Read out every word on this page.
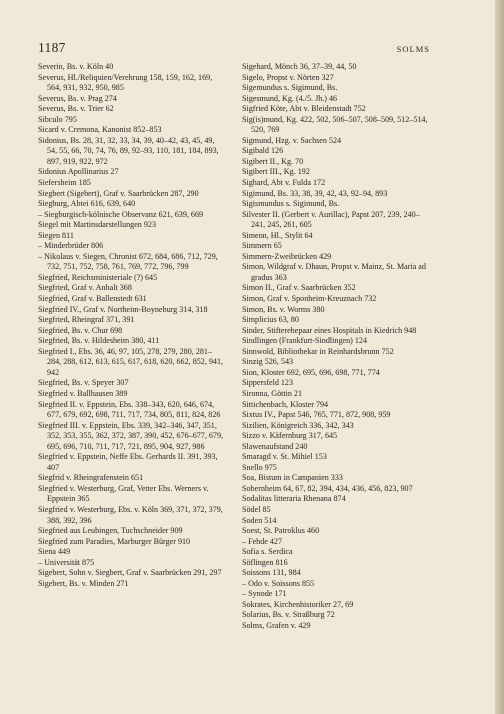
1187	SOLMS
Severin, Bs. v. Köln 40
Severus, Hl./Reliquien/Verehrung 158, 159, 162, 169, 564, 931, 932, 950, 985
Severus, Bs. v. Prag 274
Severus, Bs. v. Trier 62
Sibculo 795
Sicard v. Cremona, Kanonist 852–853
Sidonius, Bs. 28, 31, 32, 33, 34, 39, 40–42, 43, 45, 49, 54, 55, 66, 70, 74, 76, 89, 92–93, 110, 181, 184, 893, 897, 919, 922, 972
Sidonius Apollinarius 27
Siefersheim 185
Siegbert (Sigebert), Graf v. Saarbrücken 287, 290
Siegburg, Abtei 616, 639, 640
– Siegburgisch-kölnische Observanz 621, 639, 669
Siegel mit Martinsdarstellungen 923
Siegen 811
– Minderbrüder 806
– Nikolaus v. Siegen, Chronist 672, 684, 686, 712, 729, 732, 751, 752, 758, 761, 769, 772, 796, 799
Siegfried, Reichsministeriale (?) 645
Siegfried, Graf v. Anhalt 368
Siegfried, Graf v. Ballenstedt 631
Siegfried IV., Graf v. Northeim-Boyneburg 314, 318
Siegfried, Rheingraf 371, 391
Siegfried, Bs. v. Chur 698
Siegfried, Bs. v. Hildesheim 380, 411
Siegfried I., Ebs. 36, 46, 97, 105, 278, 279, 280, 281–284, 288, 612, 613, 615, 617, 618, 620, 662, 852, 941, 942
Siegfried, Bs. v. Speyer 307
Siegfried v. Ballhausen 389
Siegfried II. v. Eppstein, Ebs. 338–343, 620, 646, 674, 677, 679, 692, 698, 711, 717, 734, 805, 811, 824, 826
Siegfried III. v. Eppstein, Ebs. 339, 342–346, 347, 351, 352, 353, 355, 362, 372, 387, 390, 452, 676–677, 679, 695, 696, 710, 711, 717, 721, 895, 904, 927, 986
Siegfried v. Eppstein, Neffe Ebs. Gerhards II. 391, 393, 407
Siegfrid v. Rheingrafenstein 651
Siegfried v. Westerburg, Graf, Vetter Ebs. Werners v. Eppstein 365
Siegfried v. Westerburg, Ebs. v. Köln 369, 371, 372, 379, 388, 392, 396
Siegfried aus Leubingen, Tuchschneider 909
Siegfried zum Paradies, Marburger Bürger 910
Siena 449
– Universität 875
Sigebert, Sohn v. Siegbert, Graf v. Saarbrücken 291, 297
Sigebert, Bs. v. Minden 271
Sigehard, Mönch 36, 37–39, 44, 50
Sigelo, Propst v. Nörten 327
Sigemundus s. Sigimund, Bs.
Sigesmund, Kg. (4./5. Jh.) 46
Sigfried Köte, Abt v. Bleidenstadt 752
Sig(is)mund, Kg. 422, 502, 506–507, 508–509, 512–514, 520, 769
Sigmund, Hzg. v. Sachsen 524
Sigibald 126
Sigibert II., Kg. 70
Sigibert III., Kg. 192
Sighard, Abt v. Fulda 172
Sigimund, Bs. 33, 38, 39, 42, 43, 92–94, 893
Sigismundus s. Sigimund, Bs.
Silvester II. (Gerbert v. Aurillac), Papst 207, 239, 240–241, 245, 261, 605
Simeon, Hl., Stylit 64
Simmern 65
Simmern-Zweibrücken 429
Simon, Wildgraf v. Dhaun, Propst v. Mainz, St. Maria ad gradus 363
Simon II., Graf v. Saarbrücken 352
Simon, Graf v. Sponheim-Kreuznach 732
Simon, Bs. v. Worms 380
Simplicius 63, 80
Sinder, Stifterehepaar eines Hospitals in Kiedrich 948
Sindlingen (Frankfurt-Sindlingen) 124
Sinnwold, Bibliothekar in Reinhardsbrunn 752
Sinzig 526, 543
Sion, Kloster 692, 695, 696, 698, 771, 774
Sippersfeld 123
Sironna, Göttin 21
Sittichenbach, Kloster 794
Sixtus IV., Papst 546, 765, 771, 872, 908, 959
Sizilien, Königreich 336, 342, 343
Sizzo v. Käfernburg 317, 645
Slawenaufstand 240
Smaragd v. St. Mihiel 153
Snello 975
Soa, Bistum in Campanien 333
Sobernheim 64, 67, 82, 394, 434, 436, 456, 823, 907
Sodalitas litteraria Rhenana 874
Södel 85
Soden 514
Soest, St. Patroklus 460
– Fehde 427
Sofia s. Serdica
Söflingen 816
Soissons 131, 984
– Odo v. Soissons 855
– Synode 171
Sokrates, Kirchenhistoriker 27, 69
Solarius, Bs. v. Straßburg 72
Solms, Grafen v. 429
